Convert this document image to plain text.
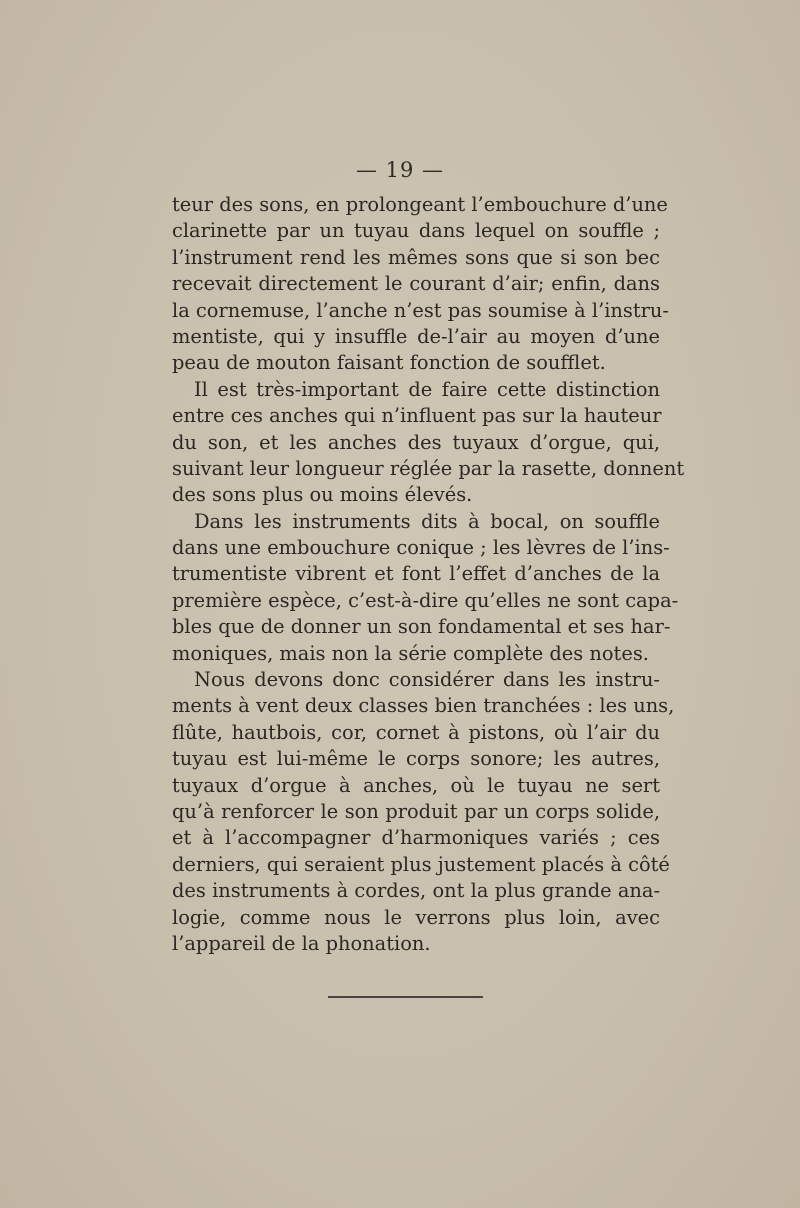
— 19 —
teur des sons, en prolongeant l’embouchure d’une
clarinette par un tuyau dans lequel on souffle ;
l’instrument rend les mêmes sons que si son bec
recevait directement le courant d’air; enfin, dans
la cornemuse, l’anche n’est pas soumise à l’instru-
mentiste, qui y insuffle de-l’air au moyen d’une
peau de mouton faisant fonction de soufflet.
Il est très-important de faire cette distinction
entre ces anches qui n’influent pas sur la hauteur
du son, et les anches des tuyaux d’orgue, qui,
suivant leur longueur réglée par la rasette, donnent
des sons plus ou moins élevés.
Dans les instruments dits à bocal, on souffle
dans une embouchure conique ; les lèvres de l’ins-
trumentiste vibrent et font l’effet d’anches de la
première espèce, c’est-à-dire qu’elles ne sont capa-
bles que de donner un son fondamental et ses har-
moniques, mais non la série complète des notes.
Nous devons donc considérer dans les instru-
ments à vent deux classes bien tranchées : les uns,
flûte, hautbois, cor, cornet à pistons, où l’air du
tuyau est lui-même le corps sonore; les autres,
tuyaux d’orgue à anches, où le tuyau ne sert
qu’à renforcer le son produit par un corps solide,
et à l’accompagner d’harmoniques variés ; ces
derniers, qui seraient plus justement placés à côté
des instruments à cordes, ont la plus grande ana-
logie, comme nous le verrons plus loin, avec
l’appareil de la phonation.
